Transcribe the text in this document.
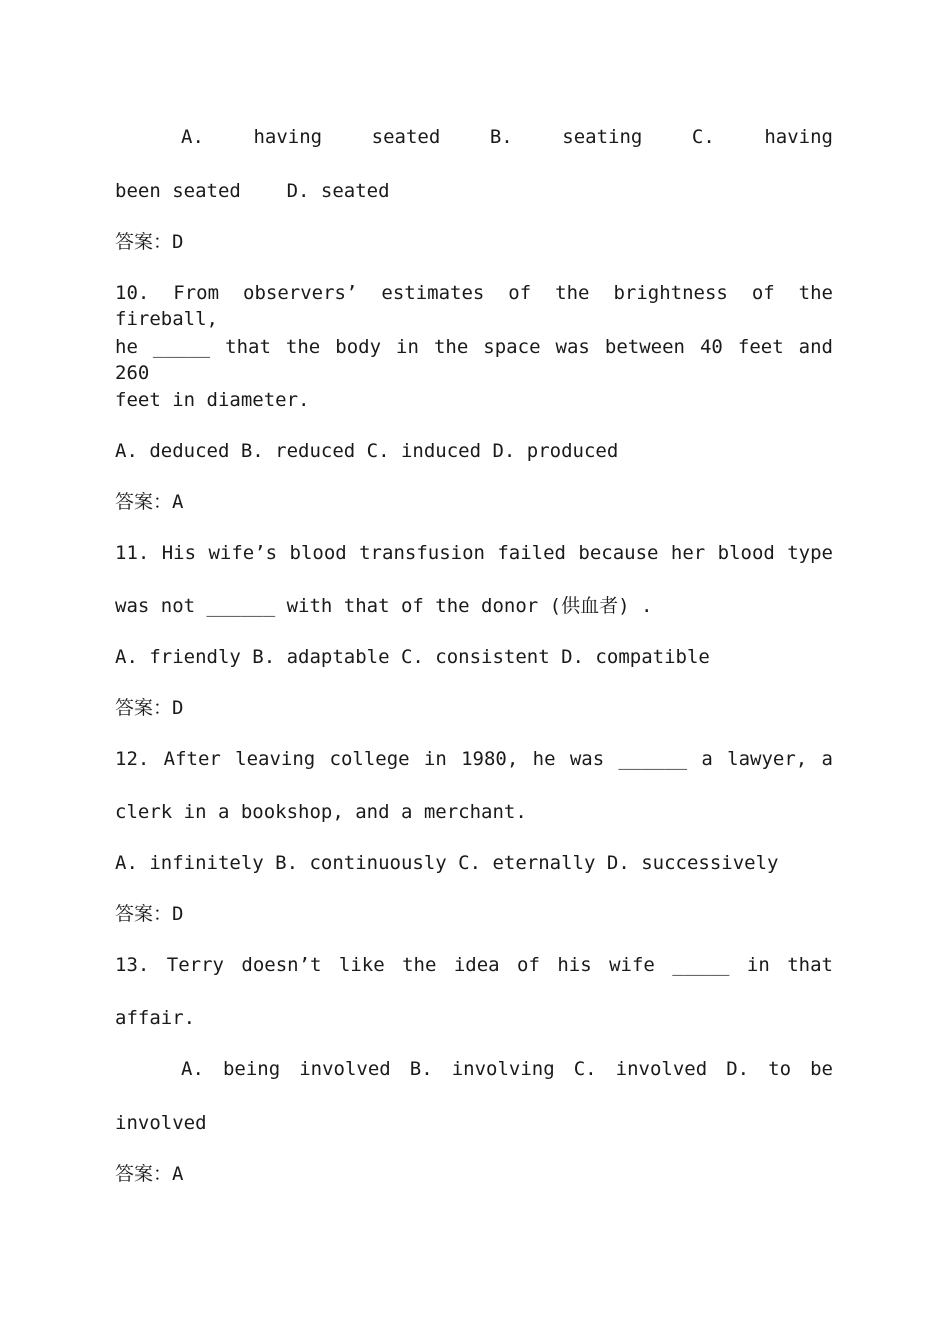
A. having seated B. seating C. having
been seated    D. seated
答案：D
10. From observers’ estimates of the brightness of the fireball,
he _____ that the body in the space was between 40 feet and 260
feet in diameter.
A. deduced B. reduced C. induced D. produced
答案：A
11. His wife’s blood transfusion failed because her blood type
was not ______ with that of the donor (供血者) .
A. friendly B. adaptable C. consistent D. compatible
答案：D
12. After leaving college in 1980, he was ______ a lawyer, a
clerk in a bookshop, and a merchant.
A. infinitely B. continuously C. eternally D. successively
答案：D
13. Terry doesn’t like the idea of his wife _____ in that
affair.
A. being involved B. involving C. involved D. to be
involved
答案：A
